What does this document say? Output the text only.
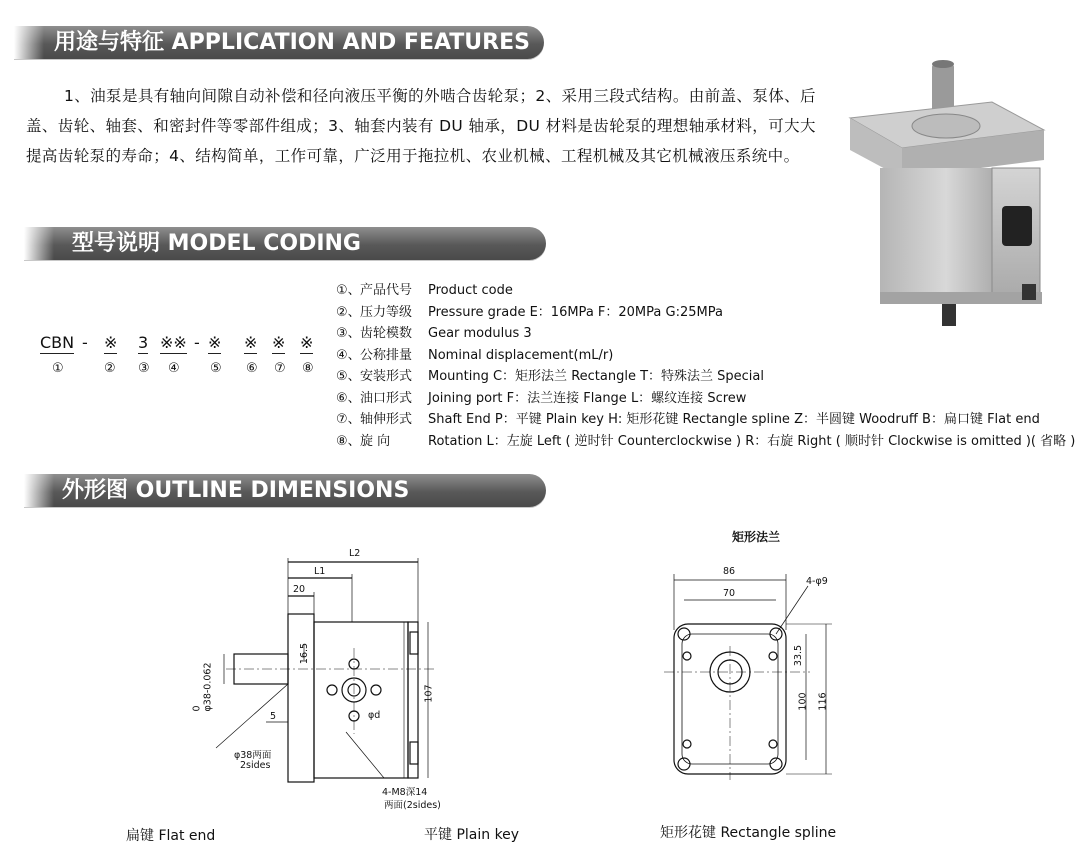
用途与特征 APPLICATION AND FEATURES
型号说明 MODEL CODING
外形图 OUTLINE DIMENSIONS
1、油泵是具有轴向间隙自动补偿和径向液压平衡的外啮合齿轮泵；2、采用三段式结构。由前盖、泵体、后盖、齿轮、轴套、和密封件等零部件组成；3、轴套内装有 DU 轴承，DU 材料是齿轮泵的理想轴承材料，可大大提高齿轮泵的寿命；4、结构简单，工作可靠，广泛用于拖拉机、农业机械、工程机械及其它机械液压系统中。
CBN - ※ 3 ※※ - ※ ※ ※ ※
①	② ③ ④ ⑤ ⑥ ⑦ ⑧
①、产品代号 Product code
②、压力等级 Pressure grade E：16MPa F：20MPa G:25MPa
③、齿轮模数 Gear modulus 3
④、公称排量 Nominal displacement(mL/r)
⑤、安装形式 Mounting C：矩形法兰 Rectangle T：特殊法兰 Special
⑥、油口形式 Joining port F：法兰连接 Flange L：螺纹连接 Screw
⑦、轴伸形式 Shaft End P：平键 Plain key H: 矩形花键 Rectangle spline Z：半圆键 Woodruff B：扁口键 Flat end
⑧、旋 向	Rotation L：左旋 Left ( 逆时针 Counterclockwise ) R：右旋 Right ( 顺时针 Clockwise is omitted )( 省略 )
L2
L1
20
16.5
107
5
0
φ38-0.062
φd
φ38两面
2sides
4-M8深14
两面(2sides)
矩形法兰
86
70
4-φ9
33.5
100 116
扁键 Flat end	平键 Plain key	矩形花键 Rectangle spline
